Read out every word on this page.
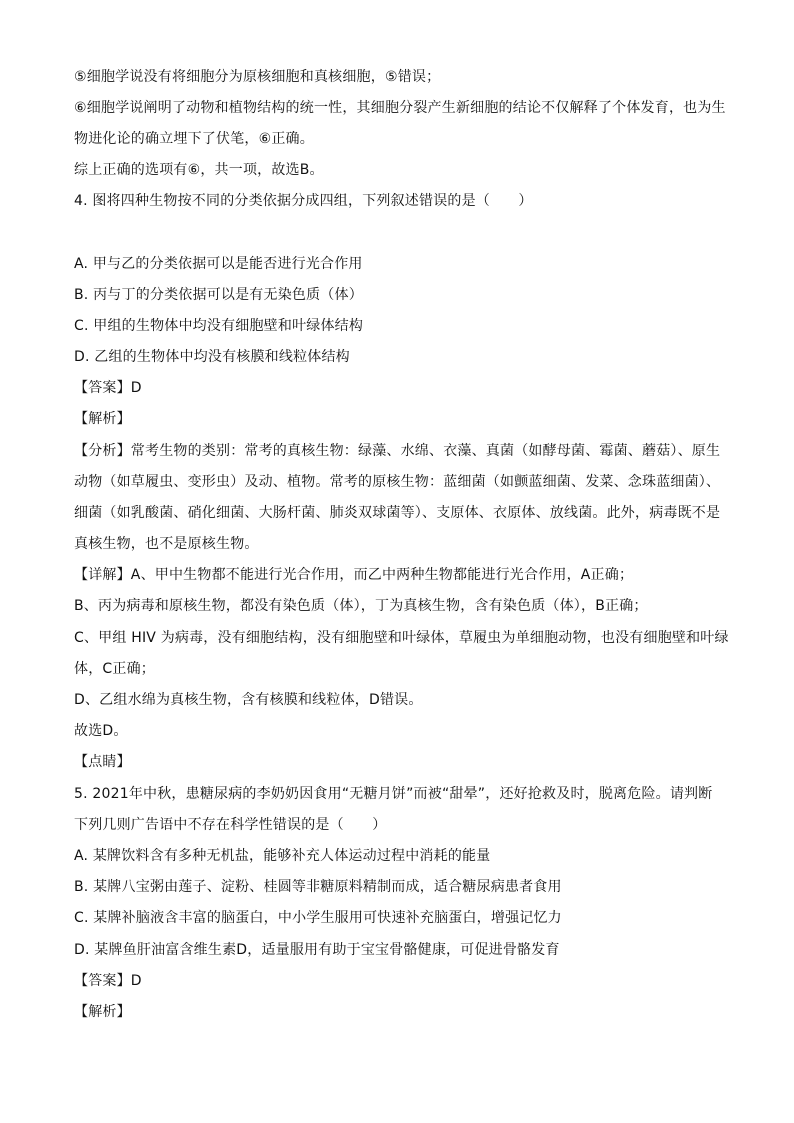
⑤细胞学说没有将细胞分为原核细胞和真核细胞，⑤错误；
⑥细胞学说阐明了动物和植物结构的统一性，其细胞分裂产生新细胞的结论不仅解释了个体发育，也为生
物进化论的确立埋下了伏笔，⑥正确。
综上正确的选项有⑥，共一项，故选B。
4. 图将四种生物按不同的分类依据分成四组，下列叙述错误的是（　　）
A. 甲与乙的分类依据可以是能否进行光合作用
B. 丙与丁的分类依据可以是有无染色质（体）
C. 甲组的生物体中均没有细胞壁和叶绿体结构
D. 乙组的生物体中均没有核膜和线粒体结构
【答案】D
【解析】
【分析】常考生物的类别：常考的真核生物：绿藻、水绵、衣藻、真菌（如酵母菌、霉菌、蘑菇）、原生
动物（如草履虫、变形虫）及动、植物。常考的原核生物：蓝细菌（如颤蓝细菌、发菜、念珠蓝细菌）、
细菌（如乳酸菌、硝化细菌、大肠杆菌、肺炎双球菌等）、支原体、衣原体、放线菌。此外，病毒既不是
真核生物，也不是原核生物。
【详解】A、甲中生物都不能进行光合作用，而乙中两种生物都能进行光合作用，A正确；
B、丙为病毒和原核生物，都没有染色质（体），丁为真核生物，含有染色质（体），B正确；
C、甲组 HIV 为病毒，没有细胞结构，没有细胞壁和叶绿体，草履虫为单细胞动物，也没有细胞壁和叶绿
体，C正确；
D、乙组水绵为真核生物，含有核膜和线粒体，D错误。
故选D。
【点睛】
5. 2021年中秋，患糖尿病的李奶奶因食用“无糖月饼”而被“甜晕”，还好抢救及时，脱离危险。请判断
下列几则广告语中不存在科学性错误的是（　　）
A. 某牌饮料含有多种无机盐，能够补充人体运动过程中消耗的能量
B. 某牌八宝粥由莲子、淀粉、桂圆等非糖原料精制而成，适合糖尿病患者食用
C. 某牌补脑液含丰富的脑蛋白，中小学生服用可快速补充脑蛋白，增强记忆力
D. 某牌鱼肝油富含维生素D，适量服用有助于宝宝骨骼健康，可促进骨骼发育
【答案】D
【解析】
